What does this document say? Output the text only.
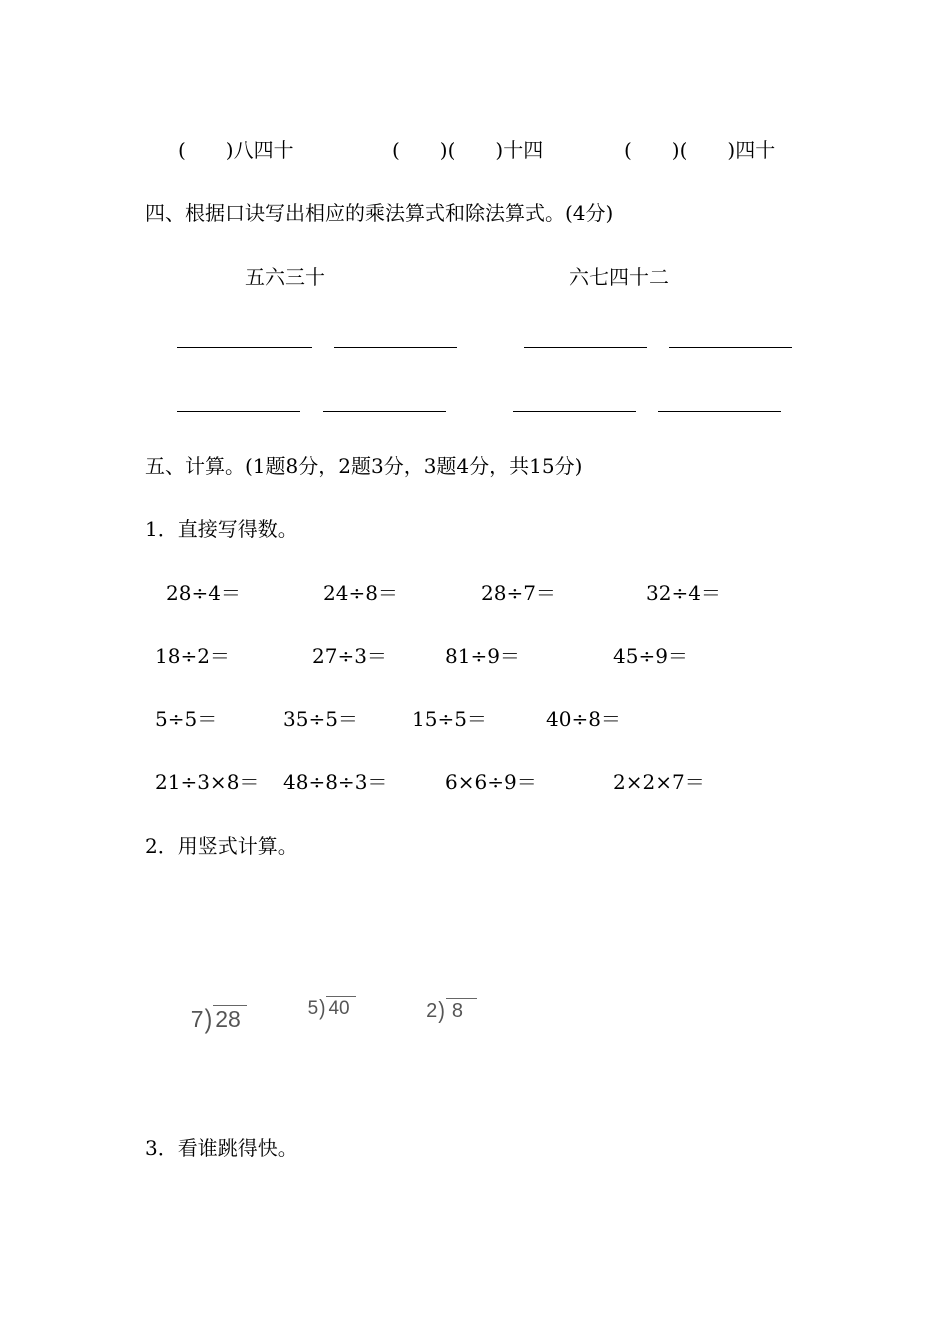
(　　)八四十	(　　)(　　)十四	(　　)(　　)四十
四、根据口诀写出相应的乘法算式和除法算式。(4分)
五六三十	六七四十二
五、计算。(1题8分，2题3分，3题4分，共15分)
1．直接写得数。
28÷4＝	24÷8＝	28÷7＝	32÷4＝
18÷2＝	27÷3＝	81÷9＝	45÷9＝
5÷5＝	35÷5＝	15÷5＝	40÷8＝
21÷3×8＝ 48÷8÷3＝	6×6÷9＝	2×2×7＝
2．用竖式计算。

7) 28	5) 40	2) 8

3．看谁跳得快。
